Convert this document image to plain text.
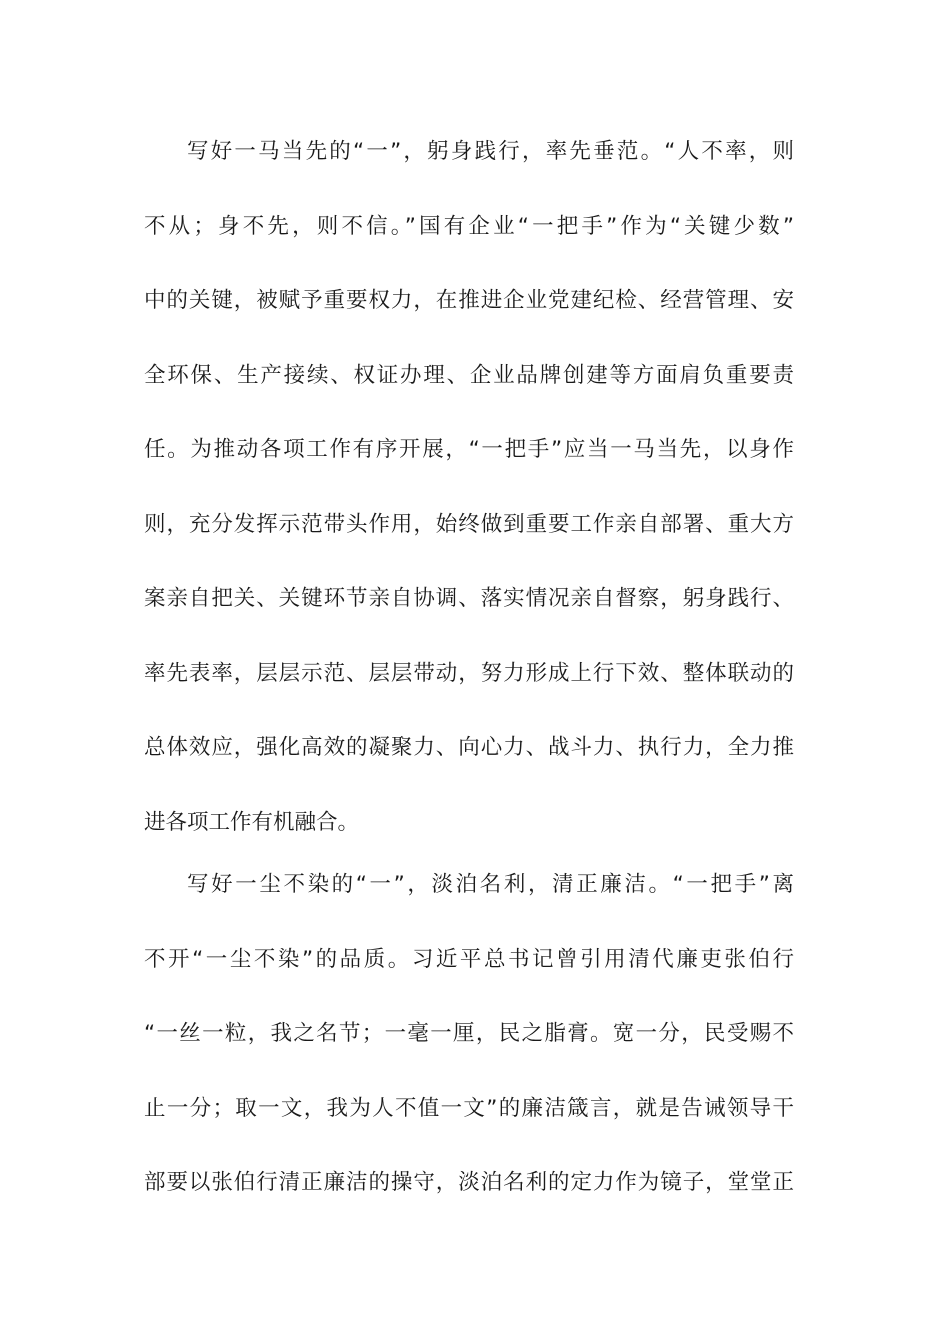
写好一马当先的“一”，躬身践行，率先垂范。“人不率，则
不从；身不先，则不信。”国有企业“一把手”作为“关键少数”
中的关键，被赋予重要权力，在推进企业党建纪检、经营管理、安
全环保、生产接续、权证办理、企业品牌创建等方面肩负重要责
任。为推动各项工作有序开展，“一把手”应当一马当先，以身作
则，充分发挥示范带头作用，始终做到重要工作亲自部署、重大方
案亲自把关、关键环节亲自协调、落实情况亲自督察，躬身践行、
率先表率，层层示范、层层带动，努力形成上行下效、整体联动的
总体效应，强化高效的凝聚力、向心力、战斗力、执行力，全力推
进各项工作有机融合。
写好一尘不染的“一”，淡泊名利，清正廉洁。“一把手”离
不开“一尘不染”的品质。习近平总书记曾引用清代廉吏张伯行
“一丝一粒，我之名节；一毫一厘，民之脂膏。宽一分，民受赐不
止一分；取一文，我为人不值一文”的廉洁箴言，就是告诫领导干
部要以张伯行清正廉洁的操守，淡泊名利的定力作为镜子，堂堂正
